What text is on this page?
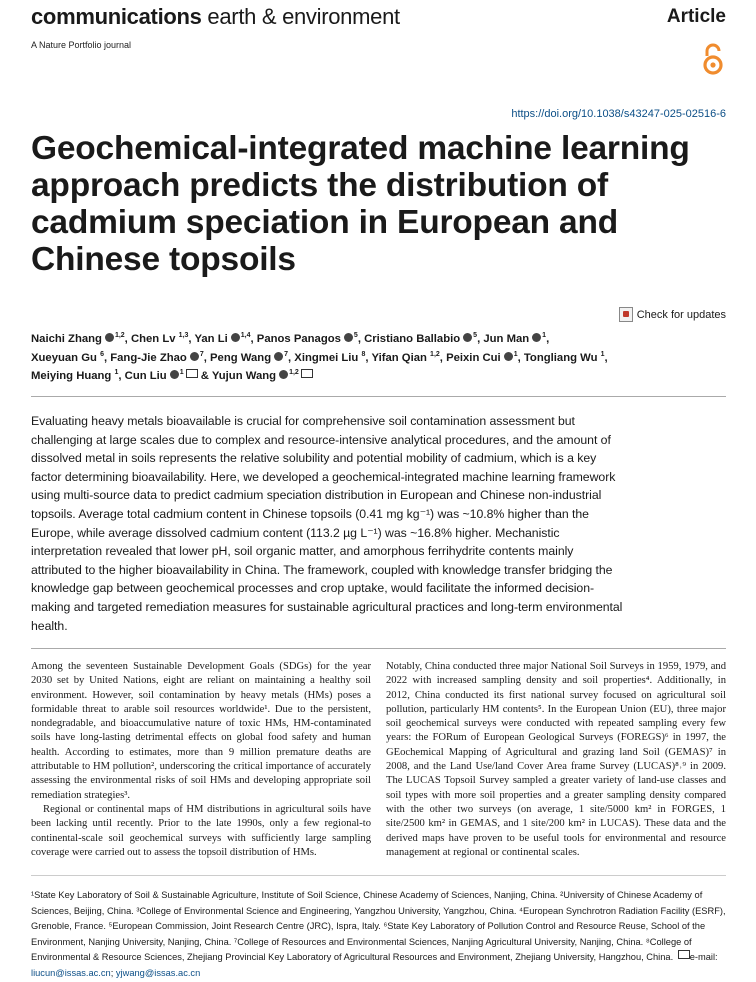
communications earth & environment
A Nature Portfolio journal
Article
https://doi.org/10.1038/s43247-025-02516-6
Geochemical-integrated machine learning approach predicts the distribution of cadmium speciation in European and Chinese topsoils
Check for updates
Naichi Zhang $^{1,2}$, Chen Lv $^{1,3}$, Yan Li $^{1,4}$, Panos Panagos $^5$, Cristiano Ballabio $^5$, Jun Man $^1$,
Xueyuan Gu $^6$, Fang-Jie Zhao $^7$, Peng Wang $^7$, Xingmei Liu $^8$, Yifan Qian $^{1,2}$, Peixin Cui $^1$, Tongliang Wu $^1$,
Meiying Huang $^1$, Cun Liu $^1$ & Yujun Wang $^{1,2}$

Evaluating heavy metals bioavailable is crucial for comprehensive soil contamination assessment but challenging at large scales due to complex and resource-intensive analytical procedures, and the amount of dissolved metal in soils represents the relative solubility and potential mobility of cadmium, which is a key factor determining bioavailability. Here, we developed a geochemical-integrated machine learning framework using multi-source data to predict cadmium speciation distribution in European and Chinese non-industrial topsoils. Average total cadmium content in Chinese topsoils (0.41 mg kg⁻¹) was ~10.8% higher than the Europe, while average dissolved cadmium content (113.2 µg L⁻¹) was ~16.8% higher. Mechanistic interpretation revealed that lower pH, soil organic matter, and amorphous ferrihydrite contents mainly attributed to the higher bioavailability in China. The framework, coupled with knowledge transfer bridging the knowledge gap between geochemical processes and crop uptake, would facilitate the informed decision-making and targeted remediation measures for sustainable agricultural practices and long-term environmental health.

Among the seventeen Sustainable Development Goals (SDGs) for the year 2030 set by United Nations, eight are reliant on maintaining a healthy soil environment. However, soil contamination by heavy metals (HMs) poses a formidable threat to arable soil resources worldwide¹. Due to the persistent, nondegradable, and bioaccumulative nature of toxic HMs, HM-contaminated soils have long-lasting detrimental effects on global food safety and human health. According to estimates, more than 9 million premature deaths are attributable to HM pollution², underscoring the critical importance of accurately assessing the environmental risks of soil HMs and developing appropriate soil remediation strategies³.

Regional or continental maps of HM distributions in agricultural soils have been lacking until recently. Prior to the late 1990s, only a few regional-to continental-scale soil geochemical surveys with sufficiently large sampling coverage were carried out to assess the topsoil distribution of HMs.

Notably, China conducted three major National Soil Surveys in 1959, 1979, and 2022 with increased sampling density and soil properties⁴. Additionally, in 2012, China conducted its first national survey focused on agricultural soil pollution, particularly HM contents⁵. In the European Union (EU), three major soil geochemical surveys were conducted with repeated sampling every few years: the FORum of European Geological Surveys (FOREGS)⁶ in 1997, the GEochemical Mapping of Agricultural and grazing land Soil (GEMAS)⁷ in 2008, and the Land Use/land Cover Area frame Survey (LUCAS)⁸˒⁹ in 2009. The LUCAS Topsoil Survey sampled a greater variety of land-use classes and soil types with more soil properties and a greater sampling density compared with the other two surveys (on average, 1 site/5000 km² in FORGES, 1 site/2500 km² in GEMAS, and 1 site/200 km² in LUCAS). These data and the derived maps have proven to be useful tools for environmental and resource management at regional or continental scales.

¹State Key Laboratory of Soil & Sustainable Agriculture, Institute of Soil Science, Chinese Academy of Sciences, Nanjing, China. ²University of Chinese Academy of Sciences, Beijing, China. ³College of Environmental Science and Engineering, Yangzhou University, Yangzhou, China. ⁴European Synchrotron Radiation Facility (ESRF), Grenoble, France. ⁵European Commission, Joint Research Centre (JRC), Ispra, Italy. ⁶State Key Laboratory of Pollution Control and Resource Reuse, School of the Environment, Nanjing University, Nanjing, China. ⁷College of Resources and Environmental Sciences, Nanjing Agricultural University, Nanjing, China. ⁸College of Environmental & Resource Sciences, Zhejiang Provincial Key Laboratory of Agricultural Resources and Environment, Zhejiang University, Hangzhou, China. e-mail: liucun@issas.ac.cn; yjwang@issas.ac.cn
